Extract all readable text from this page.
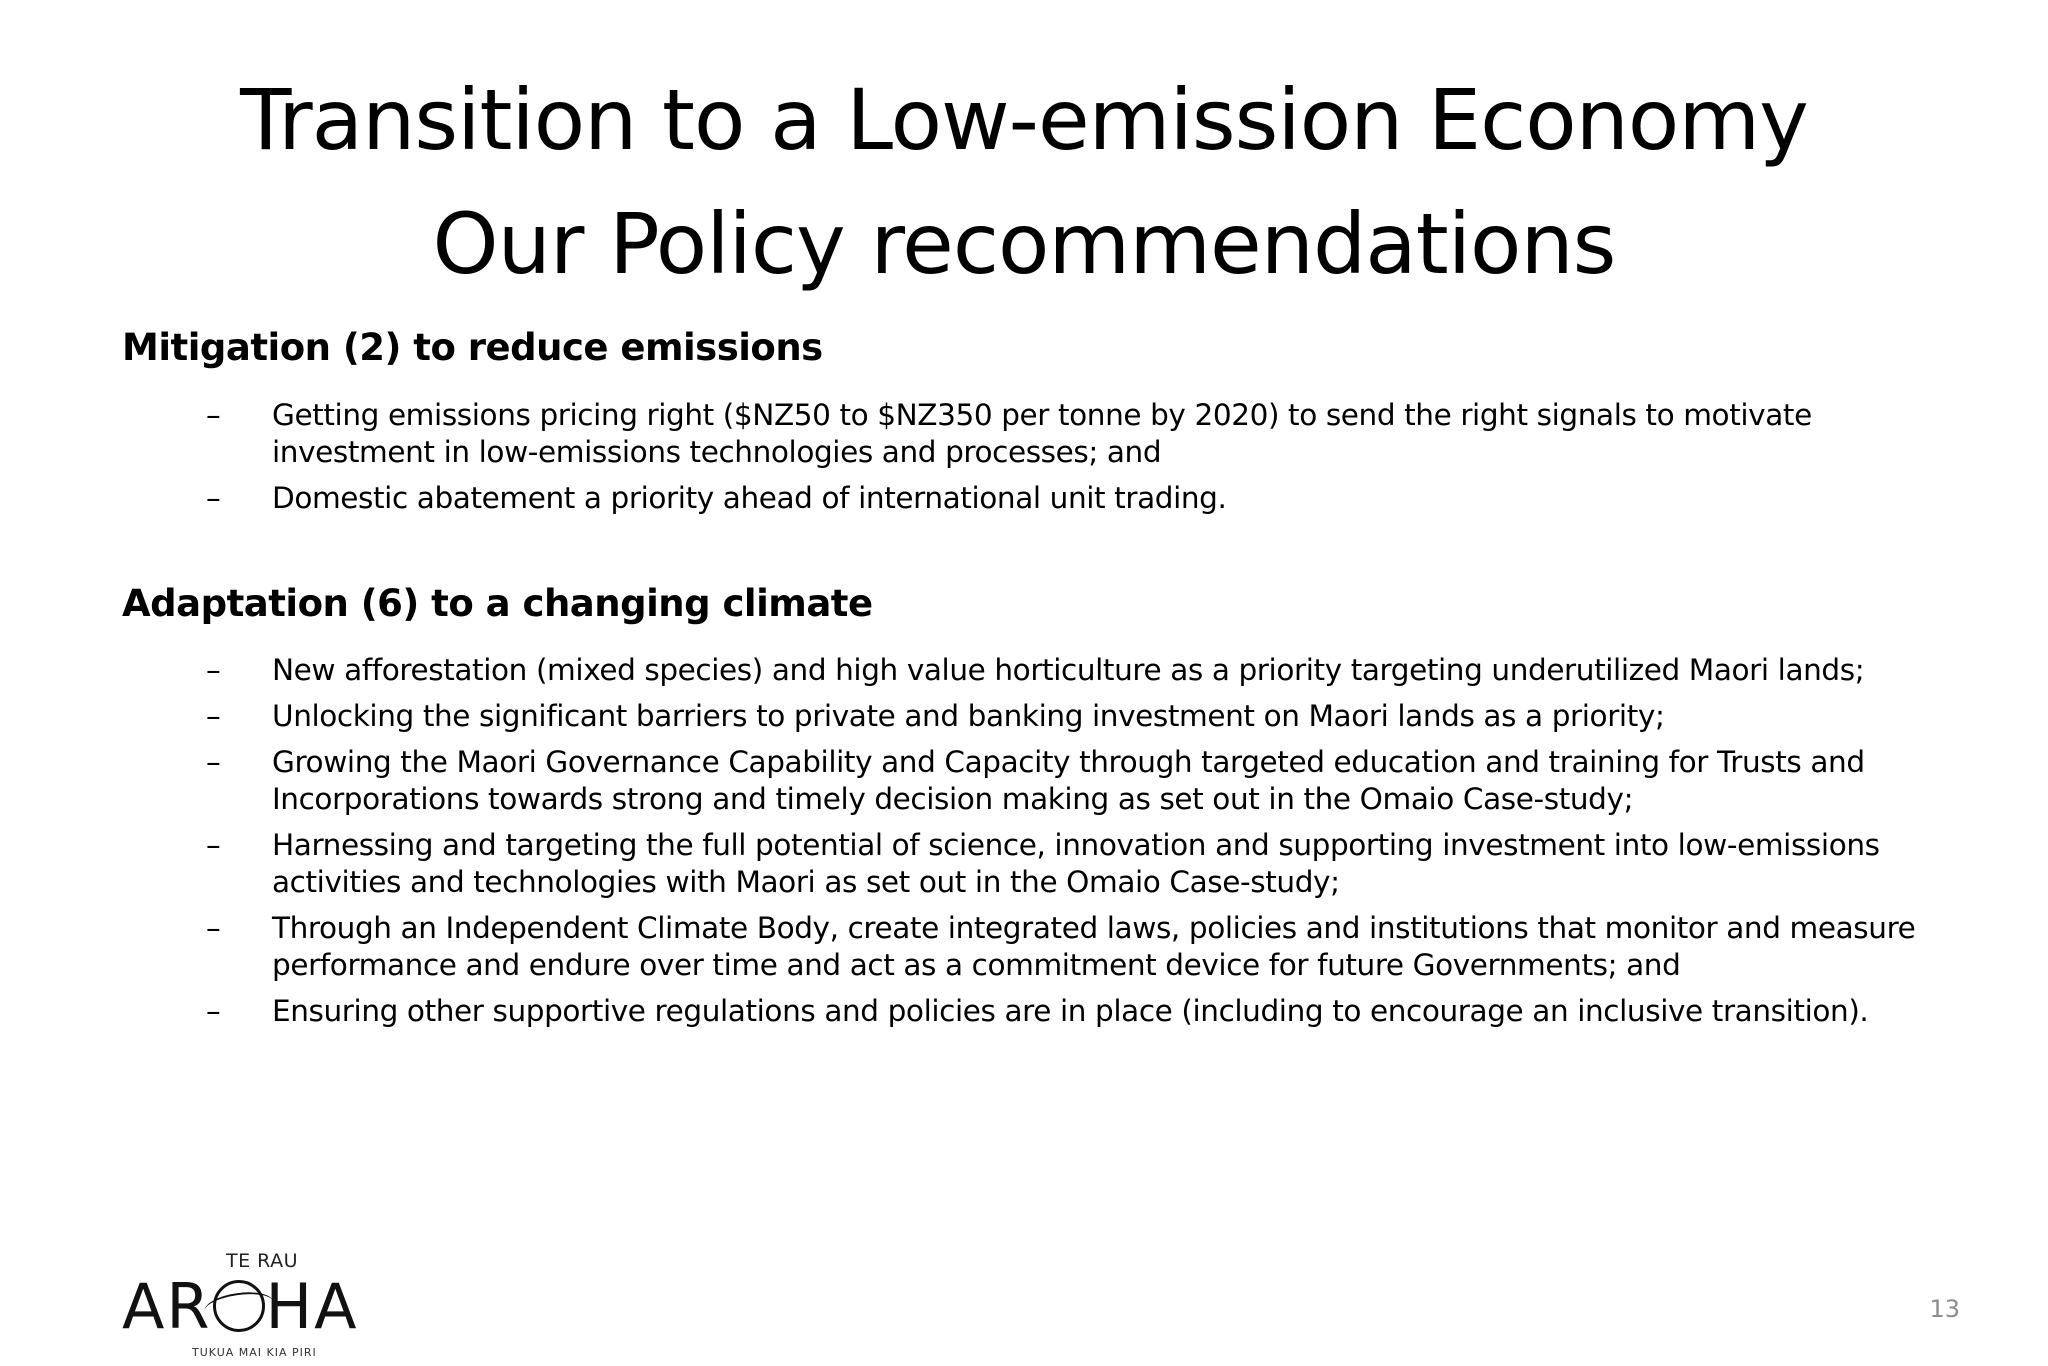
Transition to a Low-emission Economy
Our Policy recommendations
Mitigation (2) to reduce emissions
– Getting emissions pricing right ($NZ50 to $NZ350 per tonne by 2020) to send the right signals to motivate investment in low-emissions technologies and processes; and
– Domestic abatement a priority ahead of international unit trading.
Adaptation (6) to a changing climate
– New afforestation (mixed species) and high value horticulture as a priority targeting underutilized Maori lands;
– Unlocking the significant barriers to private and banking investment on Maori lands as a priority;
– Growing the Maori Governance Capability and Capacity through targeted education and training for Trusts and Incorporations towards strong and timely decision making as set out in the Omaio Case-study;
– Harnessing and targeting the full potential of science, innovation and supporting investment into low-emissions activities and technologies with Maori as set out in the Omaio Case-study;
– Through an Independent Climate Body, create integrated laws, policies and institutions that monitor and measure performance and endure over time and act as a commitment device for future Governments; and
– Ensuring other supportive regulations and policies are in place (including to encourage an inclusive transition).
TE RAU
AR HA
TUKUA MAI KIA PIRI
13
